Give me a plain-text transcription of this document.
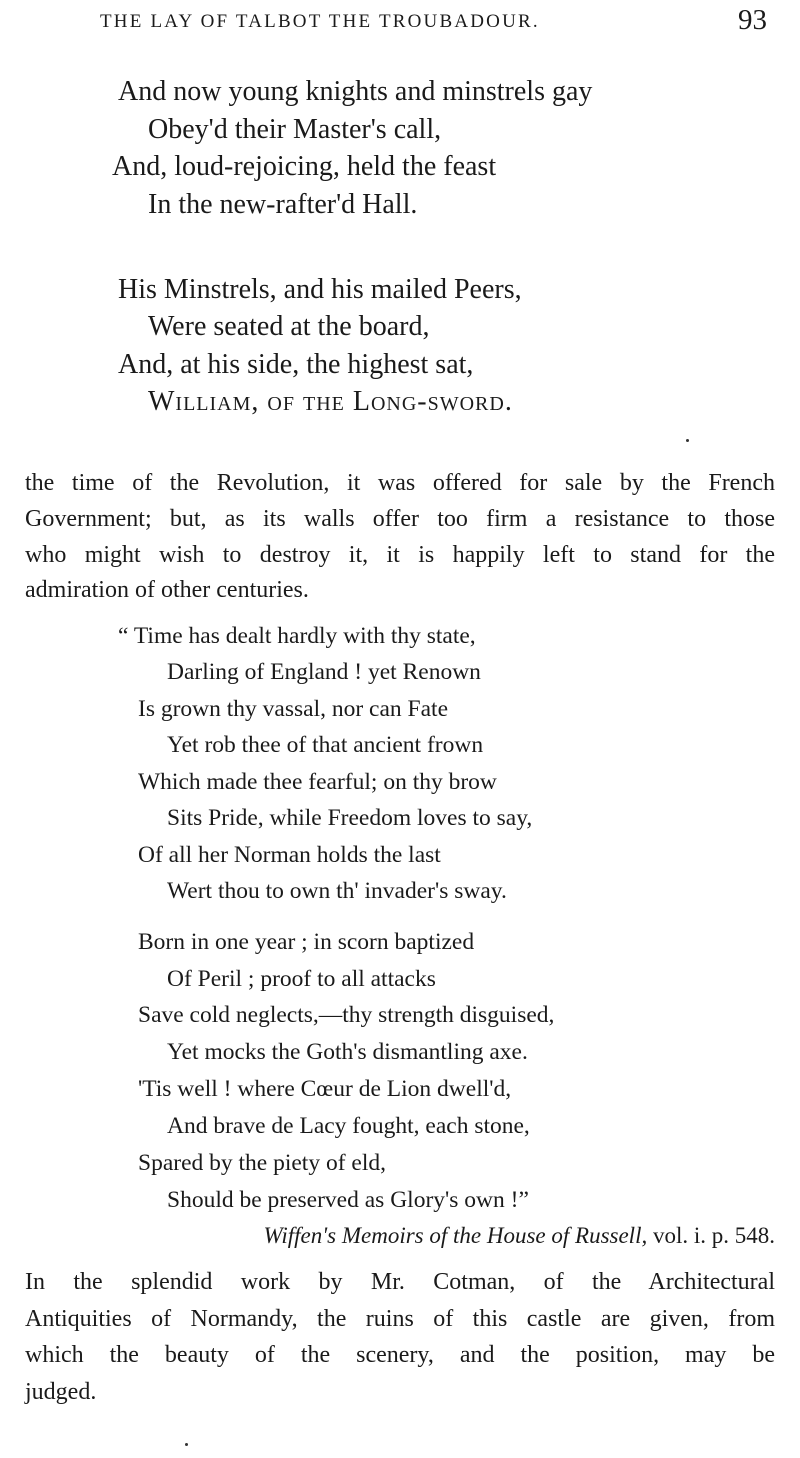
THE LAY OF TALBOT THE TROUBADOUR.	93
And now young knights and minstrels gay
Obey'd their Master's call,
And, loud-rejoicing, held the feast
In the new-rafter'd Hall.
His Minstrels, and his mailed Peers,
Were seated at the board,
And, at his side, the highest sat,
William, of the Long-sword.
the time of the Revolution, it was offered for sale by the French
Government; but, as its walls offer too firm a resistance to those
who might wish to destroy it, it is happily left to stand for the
admiration of other centuries.
“ Time has dealt hardly with thy state,
Darling of England ! yet Renown
Is grown thy vassal, nor can Fate
Yet rob thee of that ancient frown
Which made thee fearful; on thy brow
Sits Pride, while Freedom loves to say,
Of all her Norman holds the last
Wert thou to own th' invader's sway.
Born in one year ; in scorn baptized
Of Peril ; proof to all attacks
Save cold neglects,—thy strength disguised,
Yet mocks the Goth's dismantling axe.
'Tis well ! where Cœur de Lion dwell'd,
And brave de Lacy fought, each stone,
Spared by the piety of eld,
Should be preserved as Glory's own !”
Wiffen's Memoirs of the House of Russell, vol. i. p. 548.
In the splendid work by Mr. Cotman, of the Architectural
Antiquities of Normandy, the ruins of this castle are given, from
which the beauty of the scenery, and the position, may be
judged.
